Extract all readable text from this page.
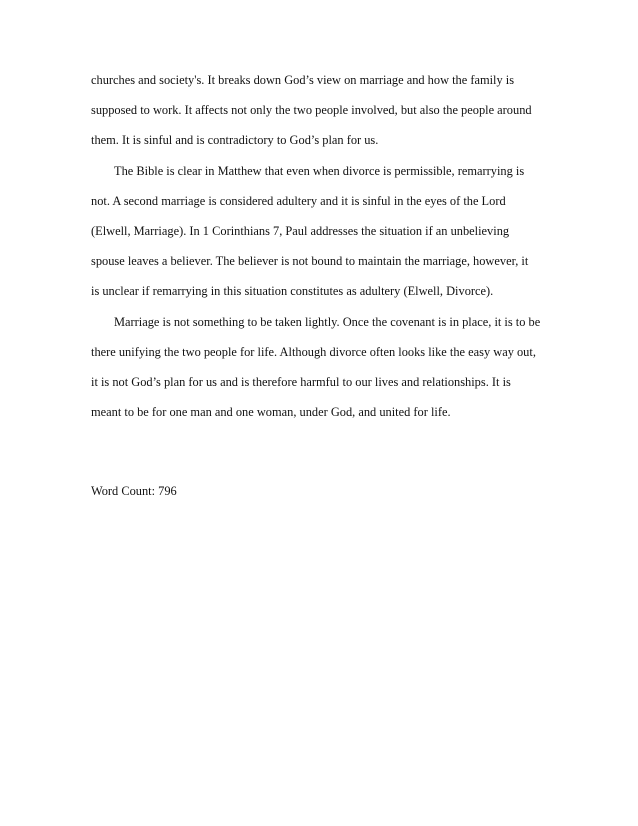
churches and society's. It breaks down God’s view on marriage and how the family is
supposed to work. It affects not only the two people involved, but also the people around
them. It is sinful and is contradictory to God’s plan for us.
The Bible is clear in Matthew that even when divorce is permissible, remarrying is
not. A second marriage is considered adultery and it is sinful in the eyes of the Lord
(Elwell, Marriage). In 1 Corinthians 7, Paul addresses the situation if an unbelieving
spouse leaves a believer. The believer is not bound to maintain the marriage, however, it
is unclear if remarrying in this situation constitutes as adultery (Elwell, Divorce).
Marriage is not something to be taken lightly. Once the covenant is in place, it is to be
there unifying the two people for life. Although divorce often looks like the easy way out,
it is not God’s plan for us and is therefore harmful to our lives and relationships. It is
meant to be for one man and one woman, under God, and united for life.
Word Count: 796
